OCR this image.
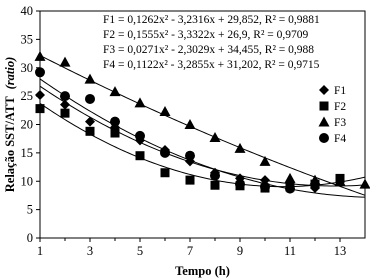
0
5
10
15
20
25
30
35
40
1	3	5	7	9	11	13
F1 = 0,1262x² - 3,2316x + 29,852, R² = 0,9881
F2 = 0,1555x² - 3,3322x + 26,9, R² = 0,9709
F3 = 0,0271x² - 2,3029x + 34,455, R² = 0,988
F4 = 0,1122x² - 3,2855x + 31,202, R² = 0,9715
F1
F2
F3
F4
Tempo (h)
Relação SST/ATT (ratio)
